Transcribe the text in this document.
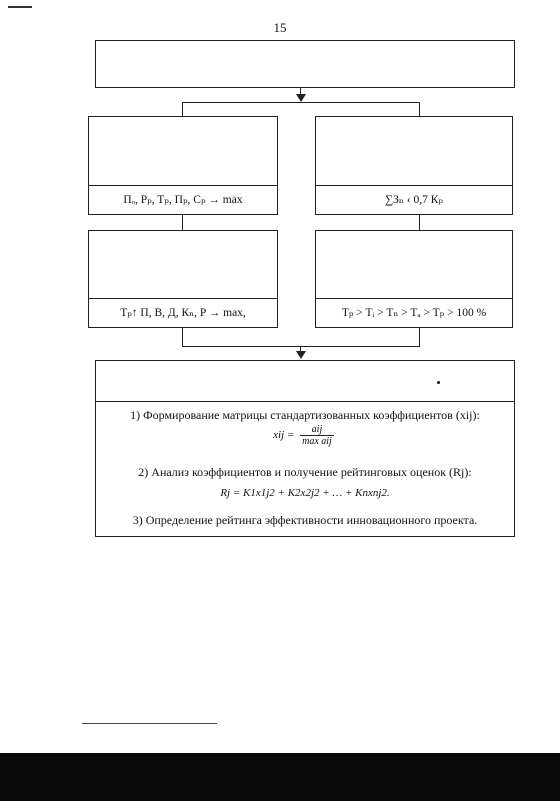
15
Пₒ, Pₚ, Tₚ, Пₚ, Cₚ → max	∑Зₙ ‹ 0,7 Кₚ
Tₚ↑ П, B, Д, Кₙ, P → max,	Tₚ > Tᵢ > Tₙ > Tₐ > Tₚ > 100 %
1) Формирование матрицы стандартизованных коэффициентов (xij):
xij = $\frac{\text{aij}}{\text{max aij}}$
2) Анализ коэффициентов и получение рейтинговых оценок (Rj):
Rj = K1x1j2 + K2x2j2 + … + Knxnj2.
3) Определение рейтинга эффективности инновационного проекта.
